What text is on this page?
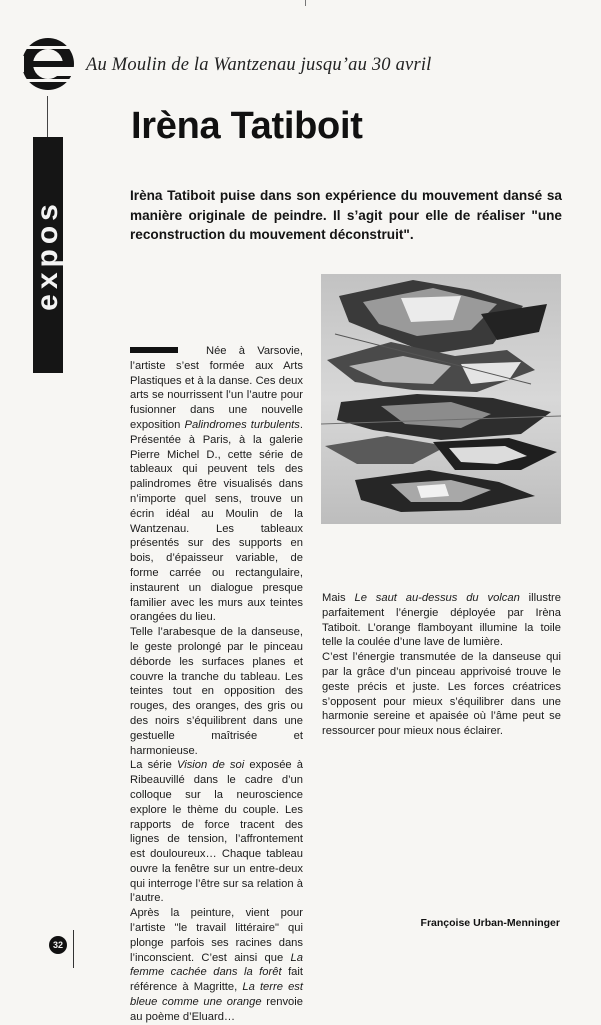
Au Moulin de la Wantzenau jusqu’au 30 avril
expos
Irèna Tatiboit
Irèna Tatiboit puise dans son expérience du mouvement dansé sa manière originale de peindre. Il s’agit pour elle de réaliser "une reconstruction du mouvement déconstruit".

Née à Varsovie, l’artiste s’est formée aux Arts Plastiques et à la danse. Ces deux arts se nourrissent l’un l’autre pour fusionner dans une nouvelle exposition Palindromes turbulents. Présentée à Paris, à la galerie Pierre Michel D., cette série de tableaux qui peuvent tels des palindromes être visualisés dans n’importe quel sens, trouve un écrin idéal au Moulin de la Wantzenau. Les tableaux présentés sur des supports en bois, d’épaisseur variable, de forme carrée ou rectangulaire, instaurent un dialogue presque familier avec les murs aux teintes orangées du lieu.

Telle l’arabesque de la danseuse, le geste prolongé par le pinceau déborde les surfaces planes et couvre la tranche du tableau. Les teintes tout en opposition des rouges, des oranges, des gris ou des noirs s’équilibrent dans une gestuelle maîtrisée et harmonieuse.

La série Vision de soi exposée à Ribeauvillé dans le cadre d’un colloque sur la neuroscience explore le thème du couple. Les rapports de force tracent des lignes de tension, l’affrontement est douloureux… Chaque tableau ouvre la fenêtre sur un entre-deux qui interroge l’être sur sa relation à l’autre.

Après la peinture, vient pour l’artiste "le travail littéraire" qui plonge parfois ses racines dans l’inconscient. C’est ainsi que La femme cachée dans la forêt fait référence à Magritte, La terre est bleue comme une orange renvoie au poème d’Eluard…

Mais Le saut au-dessus du volcan illustre parfaitement l’énergie déployée par Irèna Tatiboit. L’orange flamboyant illumine la toile telle la coulée d’une lave de lumière.

C’est l’énergie transmutée de la danseuse qui par la grâce d’un pinceau apprivoisé trouve le geste précis et juste. Les forces créatrices s’opposent pour mieux s’équilibrer dans une harmonie sereine et apaisée où l’âme peut se ressourcer pour mieux nous éclairer.

Françoise Urban-Menninger
32
